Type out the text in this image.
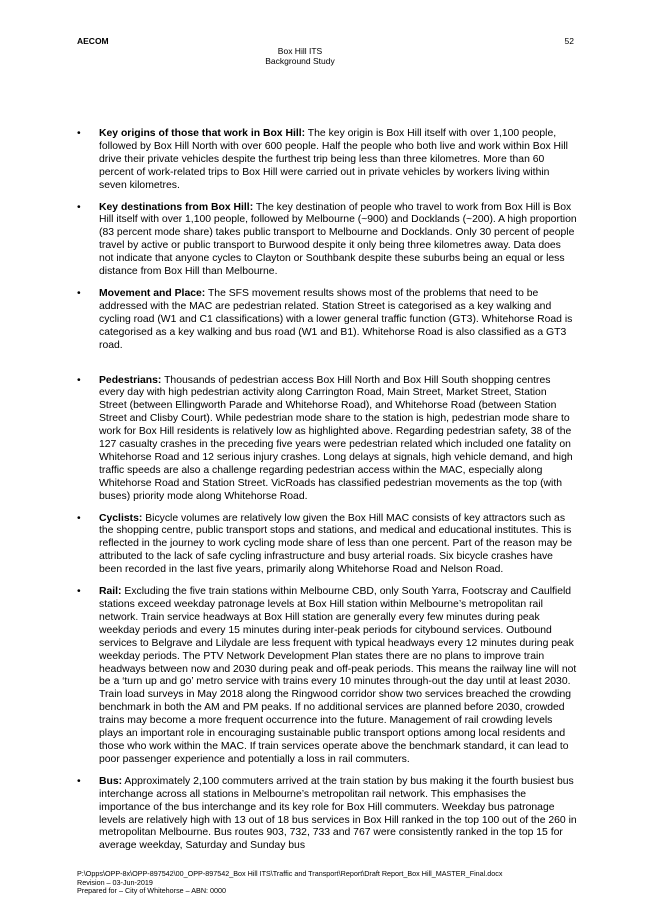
AECOM	52
Box Hill ITS
Background Study
• Key origins of those that work in Box Hill: The key origin is Box Hill itself with over 1,100 people, followed by Box Hill North with over 600 people. Half the people who both live and work within Box Hill drive their private vehicles despite the furthest trip being less than three kilometres. More than 60 percent of work-related trips to Box Hill were carried out in private vehicles by workers living within seven kilometres.
• Key destinations from Box Hill: The key destination of people who travel to work from Box Hill is Box Hill itself with over 1,100 people, followed by Melbourne (~900) and Docklands (~200). A high proportion (83 percent mode share) takes public transport to Melbourne and Docklands. Only 30 percent of people travel by active or public transport to Burwood despite it only being three kilometres away. Data does not indicate that anyone cycles to Clayton or Southbank despite these suburbs being an equal or less distance from Box Hill than Melbourne.
• Movement and Place: The SFS movement results shows most of the problems that need to be addressed with the MAC are pedestrian related. Station Street is categorised as a key walking and cycling road (W1 and C1 classifications) with a lower general traffic function (GT3). Whitehorse Road is categorised as a key walking and bus road (W1 and B1). Whitehorse Road is also classified as a GT3 road.
• Pedestrians: Thousands of pedestrian access Box Hill North and Box Hill South shopping centres every day with high pedestrian activity along Carrington Road, Main Street, Market Street, Station Street (between Ellingworth Parade and Whitehorse Road), and Whitehorse Road (between Station Street and Clisby Court). While pedestrian mode share to the station is high, pedestrian mode share to work for Box Hill residents is relatively low as highlighted above. Regarding pedestrian safety, 38 of the 127 casualty crashes in the preceding five years were pedestrian related which included one fatality on Whitehorse Road and 12 serious injury crashes. Long delays at signals, high vehicle demand, and high traffic speeds are also a challenge regarding pedestrian access within the MAC, especially along Whitehorse Road and Station Street. VicRoads has classified pedestrian movements as the top (with buses) priority mode along Whitehorse Road.
• Cyclists: Bicycle volumes are relatively low given the Box Hill MAC consists of key attractors such as the shopping centre, public transport stops and stations, and medical and educational institutes. This is reflected in the journey to work cycling mode share of less than one percent. Part of the reason may be attributed to the lack of safe cycling infrastructure and busy arterial roads. Six bicycle crashes have been recorded in the last five years, primarily along Whitehorse Road and Nelson Road.
• Rail: Excluding the five train stations within Melbourne CBD, only South Yarra, Footscray and Caulfield stations exceed weekday patronage levels at Box Hill station within Melbourne’s metropolitan rail network. Train service headways at Box Hill station are generally every few minutes during peak weekday periods and every 15 minutes during inter-peak periods for citybound services. Outbound services to Belgrave and Lilydale are less frequent with typical headways every 12 minutes during peak weekday periods. The PTV Network Development Plan states there are no plans to improve train headways between now and 2030 during peak and off-peak periods. This means the railway line will not be a ‘turn up and go’ metro service with trains every 10 minutes through-out the day until at least 2030. Train load surveys in May 2018 along the Ringwood corridor show two services breached the crowding benchmark in both the AM and PM peaks. If no additional services are planned before 2030, crowded trains may become a more frequent occurrence into the future. Management of rail crowding levels plays an important role in encouraging sustainable public transport options among local residents and those who work within the MAC. If train services operate above the benchmark standard, it can lead to poor passenger experience and potentially a loss in rail commuters.
• Bus: Approximately 2,100 commuters arrived at the train station by bus making it the fourth busiest bus interchange across all stations in Melbourne’s metropolitan rail network. This emphasises the importance of the bus interchange and its key role for Box Hill commuters. Weekday bus patronage levels are relatively high with 13 out of 18 bus services in Box Hill ranked in the top 100 out of the 260 in metropolitan Melbourne. Bus routes 903, 732, 733 and 767 were consistently ranked in the top 15 for average weekday, Saturday and Sunday bus
P:\Opps\OPP-8x\OPP-897542\00_OPP-897542_Box Hill ITS\Traffic and Transport\Report\Draft Report_Box Hill_MASTER_Final.docx
Revision – 03-Jun-2019
Prepared for – City of Whitehorse – ABN: 0000
